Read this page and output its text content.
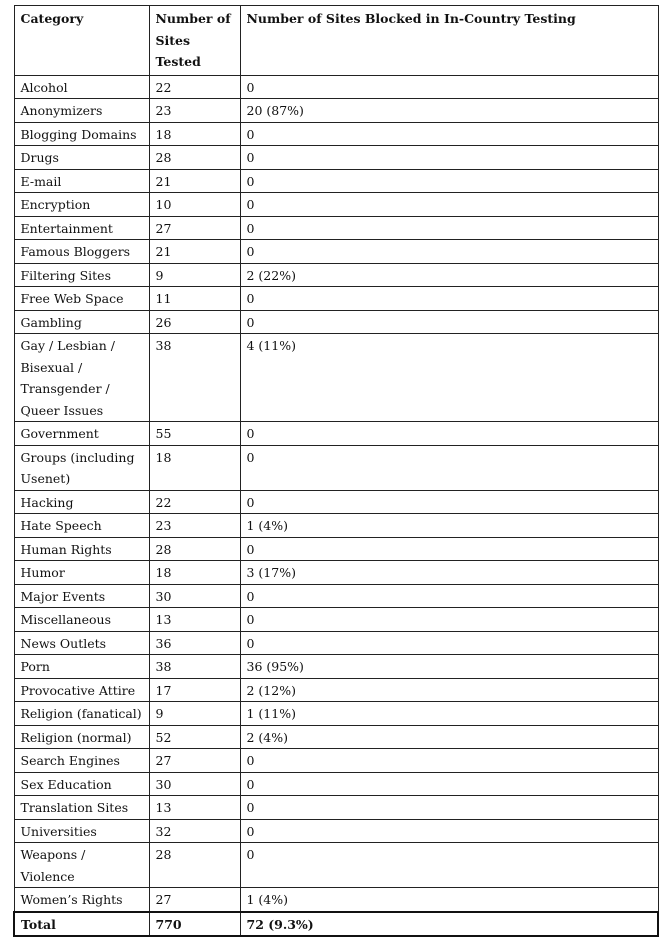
Category	Number of Sites Tested	Number of Sites Blocked in In-Country Testing
Alcohol	22	0
Anonymizers	23	20 (87%)
Blogging Domains	18	0
Drugs	28	0
E-mail	21	0
Encryption	10	0
Entertainment	27	0
Famous Bloggers	21	0
Filtering Sites	9	2 (22%)
Free Web Space	11	0
Gambling	26	0
Gay / Lesbian / Bisexual / Transgender / Queer Issues	38	4 (11%)
Government	55	0
Groups (including Usenet)	18	0
Hacking	22	0
Hate Speech	23	1 (4%)
Human Rights	28	0
Humor	18	3 (17%)
Major Events	30	0
Miscellaneous	13	0
News Outlets	36	0
Porn	38	36 (95%)
Provocative Attire	17	2 (12%)
Religion (fanatical)	9	1 (11%)
Religion (normal)	52	2 (4%)
Search Engines	27	0
Sex Education	30	0
Translation Sites	13	0
Universities	32	0
Weapons / Violence	28	0
Women’s Rights	27	1 (4%)
Total	770	72 (9.3%)
